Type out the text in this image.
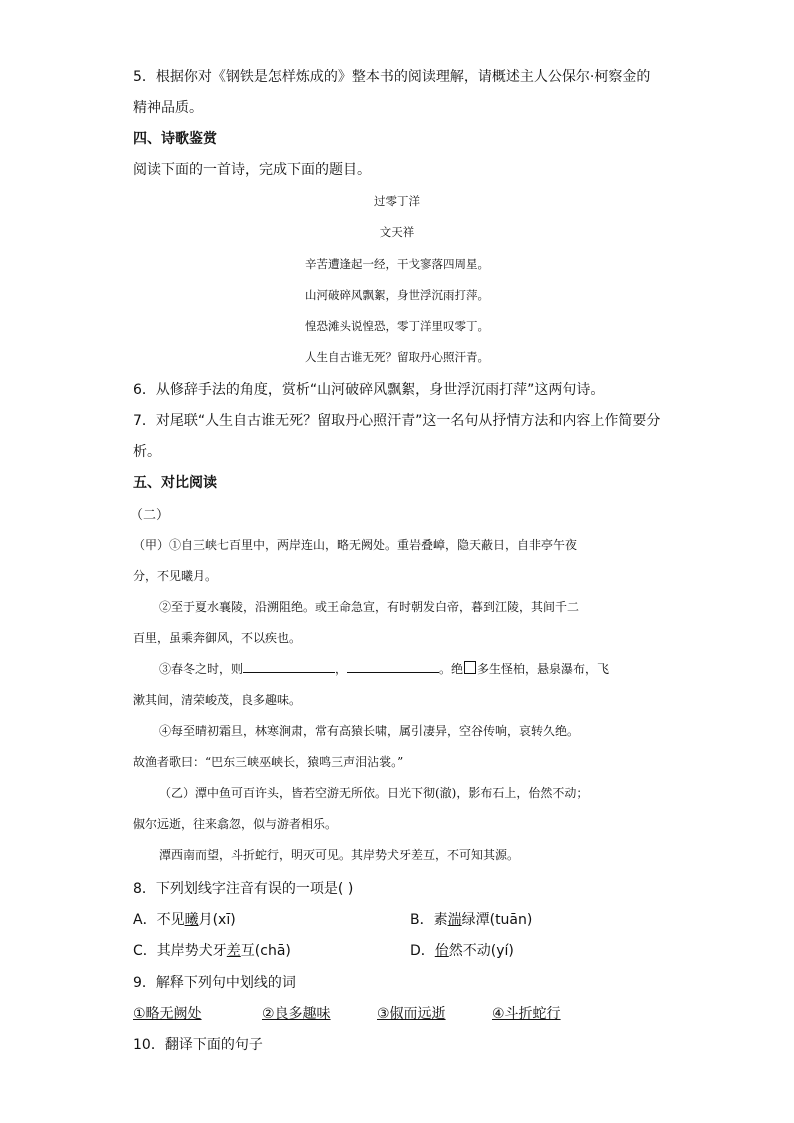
5．根据你对《钢铁是怎样炼成的》整本书的阅读理解，请概述主人公保尔·柯察金的
精神品质。
四、诗歌鉴赏
阅读下面的一首诗，完成下面的题目。
过零丁洋
文天祥
辛苦遭逢起一经，干戈寥落四周星。
山河破碎风飘絮，身世浮沉雨打萍。
惶恐滩头说惶恐，零丁洋里叹零丁。
人生自古谁无死？留取丹心照汗青。
6．从修辞手法的角度，赏析“山河破碎风飘絮，身世浮沉雨打萍”这两句诗。
7．对尾联“人生自古谁无死？留取丹心照汗青”这一名句从抒情方法和内容上作简要分
析。
五、对比阅读
（二）
（甲）①自三峡七百里中，两岸连山，略无阙处。重岩叠嶂，隐天蔽日，自非亭午夜
分，不见曦月。
②至于夏水襄陵，沿溯阻绝。或王命急宣，有时朝发白帝，暮到江陵，其间千二
百里，虽乘奔御风，不以疾也。
③春冬之时，则	，	。绝 多生怪柏，悬泉瀑布，飞
漱其间，清荣峻茂，良多趣味。
④每至晴初霜旦，林寒涧肃，常有高猿长啸，属引凄异，空谷传响，哀转久绝。
故渔者歌曰：“巴东三峡巫峡长，猿鸣三声泪沾裳。”
（乙）潭中鱼可百许头，皆若空游无所依。日光下彻(澈)，影布石上，佁然不动；
俶尔远逝，往来翕忽，似与游者相乐。
潭西南而望，斗折蛇行，明灭可见。其岸势犬牙差互，不可知其源。
8．下列划线字注音有误的一项是( )
A．不见曦月(xī)	B．素湍绿潭(tuān)
C．其岸势犬牙差互(chā)	D．佁然不动(yí)
9．解释下列句中划线的词
①略无阙处	②良多趣味	③俶而远逝	④斗折蛇行
10．翻译下面的句子
